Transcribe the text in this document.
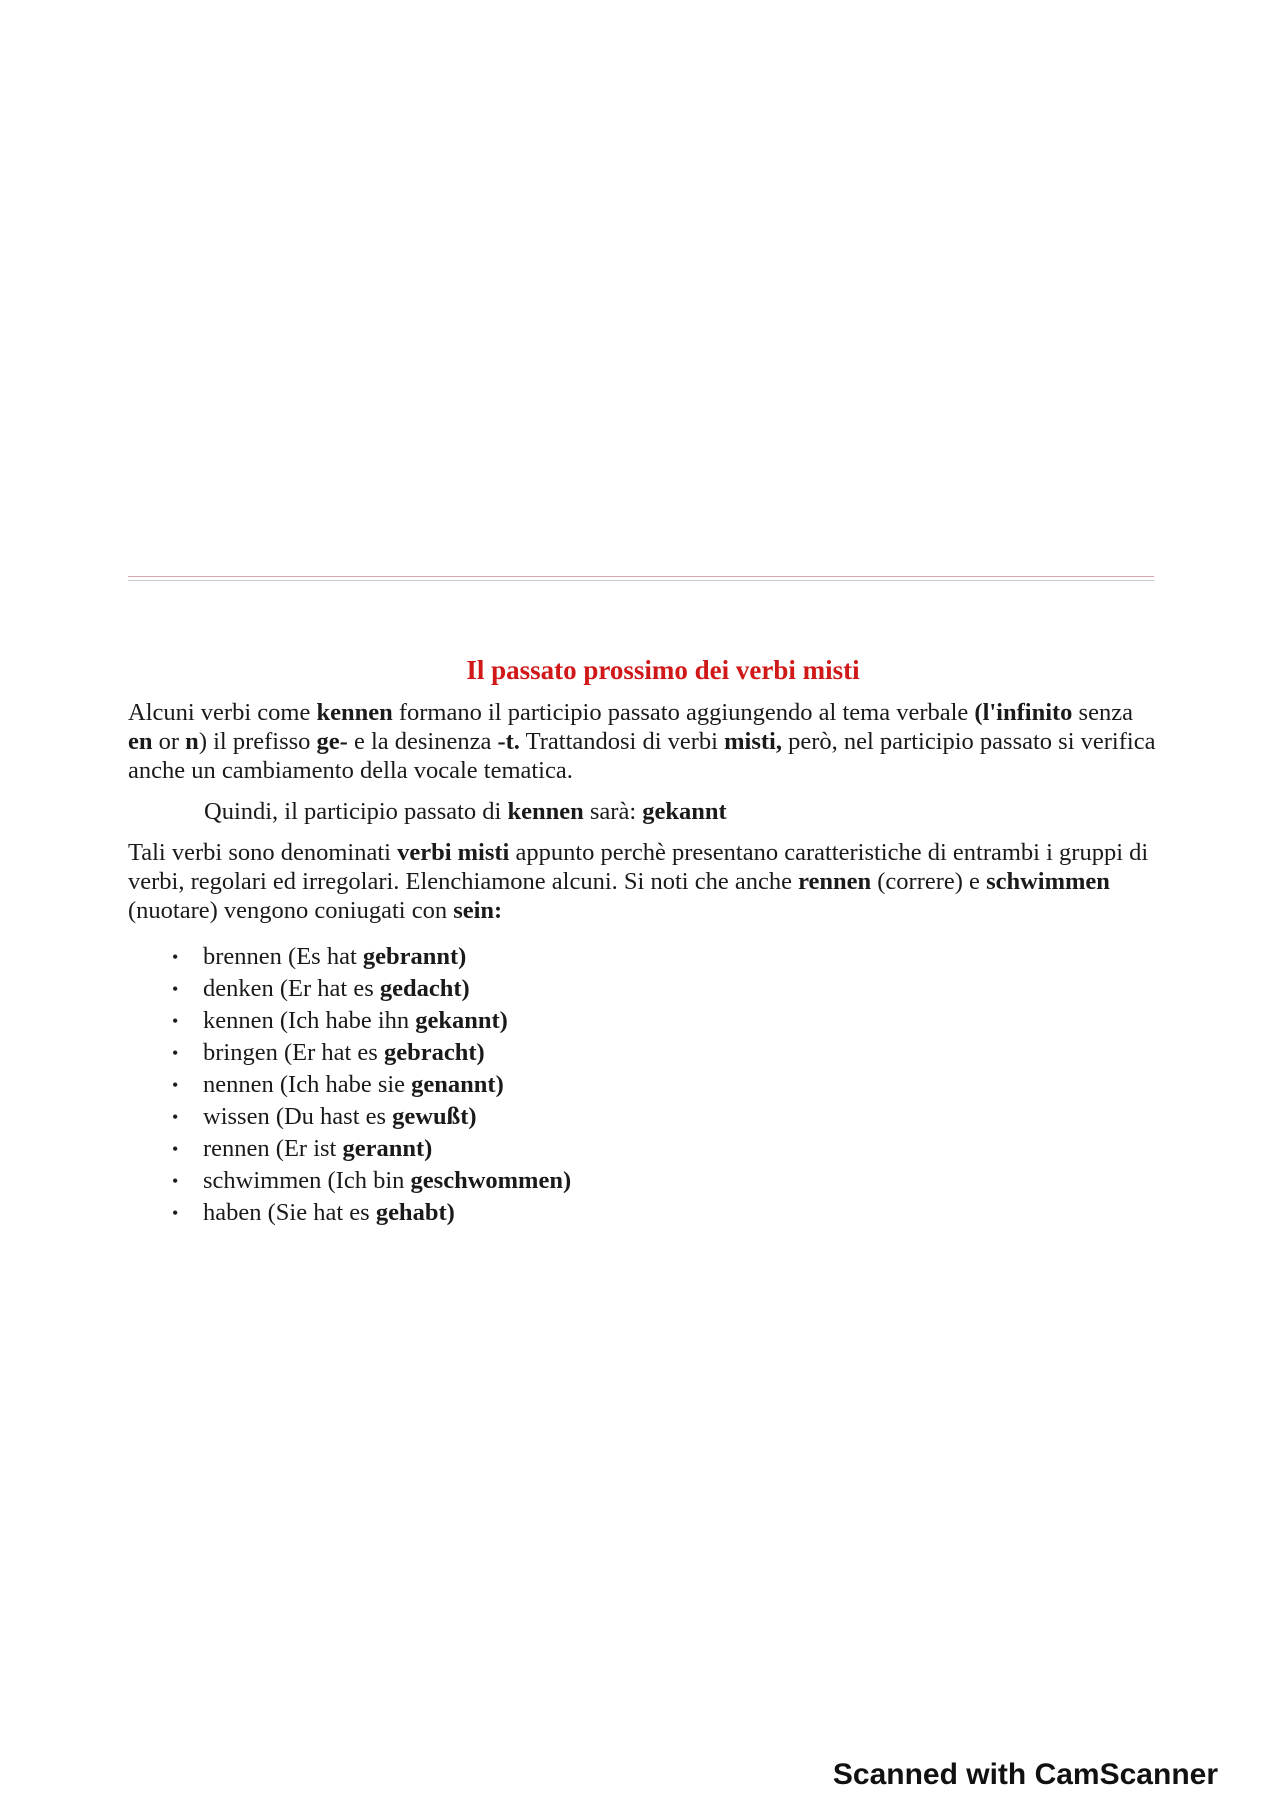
Il passato prossimo dei verbi misti

Alcuni verbi come kennen formano il participio passato aggiungendo al tema verbale (l'infinito senza en or n) il prefisso ge- e la desinenza -t. Trattandosi di verbi misti, però, nel participio passato si verifica anche un cambiamento della vocale tematica.

Quindi, il participio passato di kennen sarà: gekannt

Tali verbi sono denominati verbi misti appunto perchè presentano caratteristiche di entrambi i gruppi di verbi, regolari ed irregolari. Elenchiamone alcuni. Si noti che anche rennen (correre) e schwimmen (nuotare) vengono coniugati con sein:

• brennen (Es hat gebrannt)
• denken (Er hat es gedacht)
• kennen (Ich habe ihn gekannt)
• bringen (Er hat es gebracht)
• nennen (Ich habe sie genannt)
• wissen (Du hast es gewußt)
• rennen (Er ist gerannt)
• schwimmen (Ich bin geschwommen)
• haben (Sie hat es gehabt)
Scanned with CamScanner
